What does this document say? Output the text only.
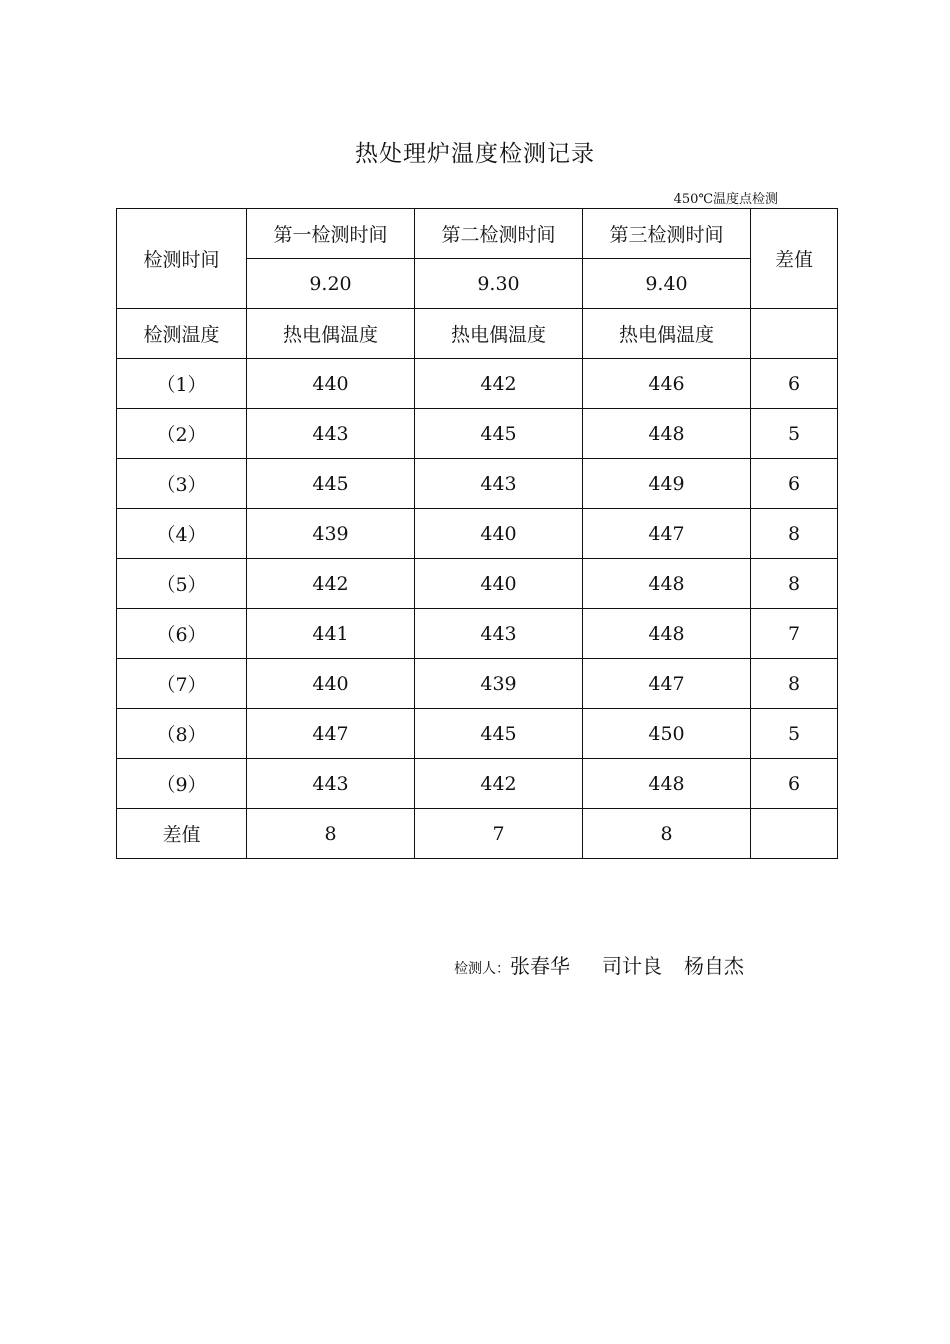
热处理炉温度检测记录
450℃温度点检测
检测时间	第一检测时间	第二检测时间	第三检测时间	差值
	9.20	9.30	9.40	
检测温度	热电偶温度	热电偶温度	热电偶温度	
（1）	440	442	446	6
（2）	443	445	448	5
（3）	445	443	449	6
（4）	439	440	447	8
（5）	442	440	448	8
（6）	441	443	448	7
（7）	440	439	447	8
（8）	447	445	450	5
（9）	443	442	448	6
差值	8	7	8	
检测人：张春华 司计良 杨自杰
